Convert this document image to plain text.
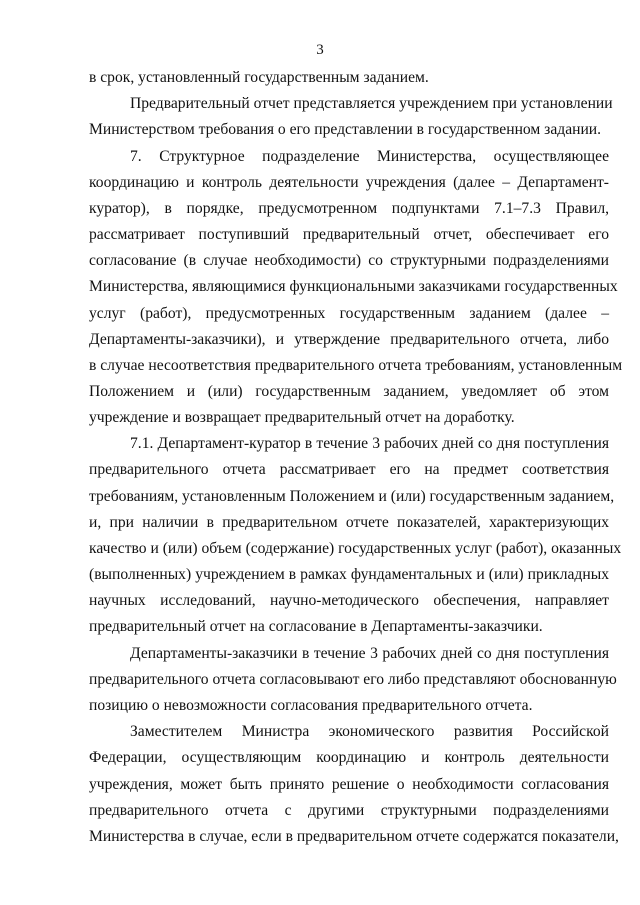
3
в срок, установленный государственным заданием.
Предварительный отчет представляется учреждением при установлении
Министерством требования о его представлении в государственном задании.
7. Структурное подразделение Министерства, осуществляющее
координацию и контроль деятельности учреждения (далее – Департамент-
куратор), в порядке, предусмотренном подпунктами 7.1–7.3 Правил,
рассматривает поступивший предварительный отчет, обеспечивает его
согласование (в случае необходимости) со структурными подразделениями
Министерства, являющимися функциональными заказчиками государственных
услуг (работ), предусмотренных государственным заданием (далее –
Департаменты-заказчики), и утверждение предварительного отчета, либо
в случае несоответствия предварительного отчета требованиям, установленным
Положением и (или) государственным заданием, уведомляет об этом
учреждение и возвращает предварительный отчет на доработку.
7.1. Департамент-куратор в течение 3 рабочих дней со дня поступления
предварительного отчета рассматривает его на предмет соответствия
требованиям, установленным Положением и (или) государственным заданием,
и, при наличии в предварительном отчете показателей, характеризующих
качество и (или) объем (содержание) государственных услуг (работ), оказанных
(выполненных) учреждением в рамках фундаментальных и (или) прикладных
научных исследований, научно-методического обеспечения, направляет
предварительный отчет на согласование в Департаменты-заказчики.
Департаменты-заказчики в течение 3 рабочих дней со дня поступления
предварительного отчета согласовывают его либо представляют обоснованную
позицию о невозможности согласования предварительного отчета.
Заместителем Министра экономического развития Российской
Федерации, осуществляющим координацию и контроль деятельности
учреждения, может быть принято решение о необходимости согласования
предварительного отчета с другими структурными подразделениями
Министерства в случае, если в предварительном отчете содержатся показатели,
